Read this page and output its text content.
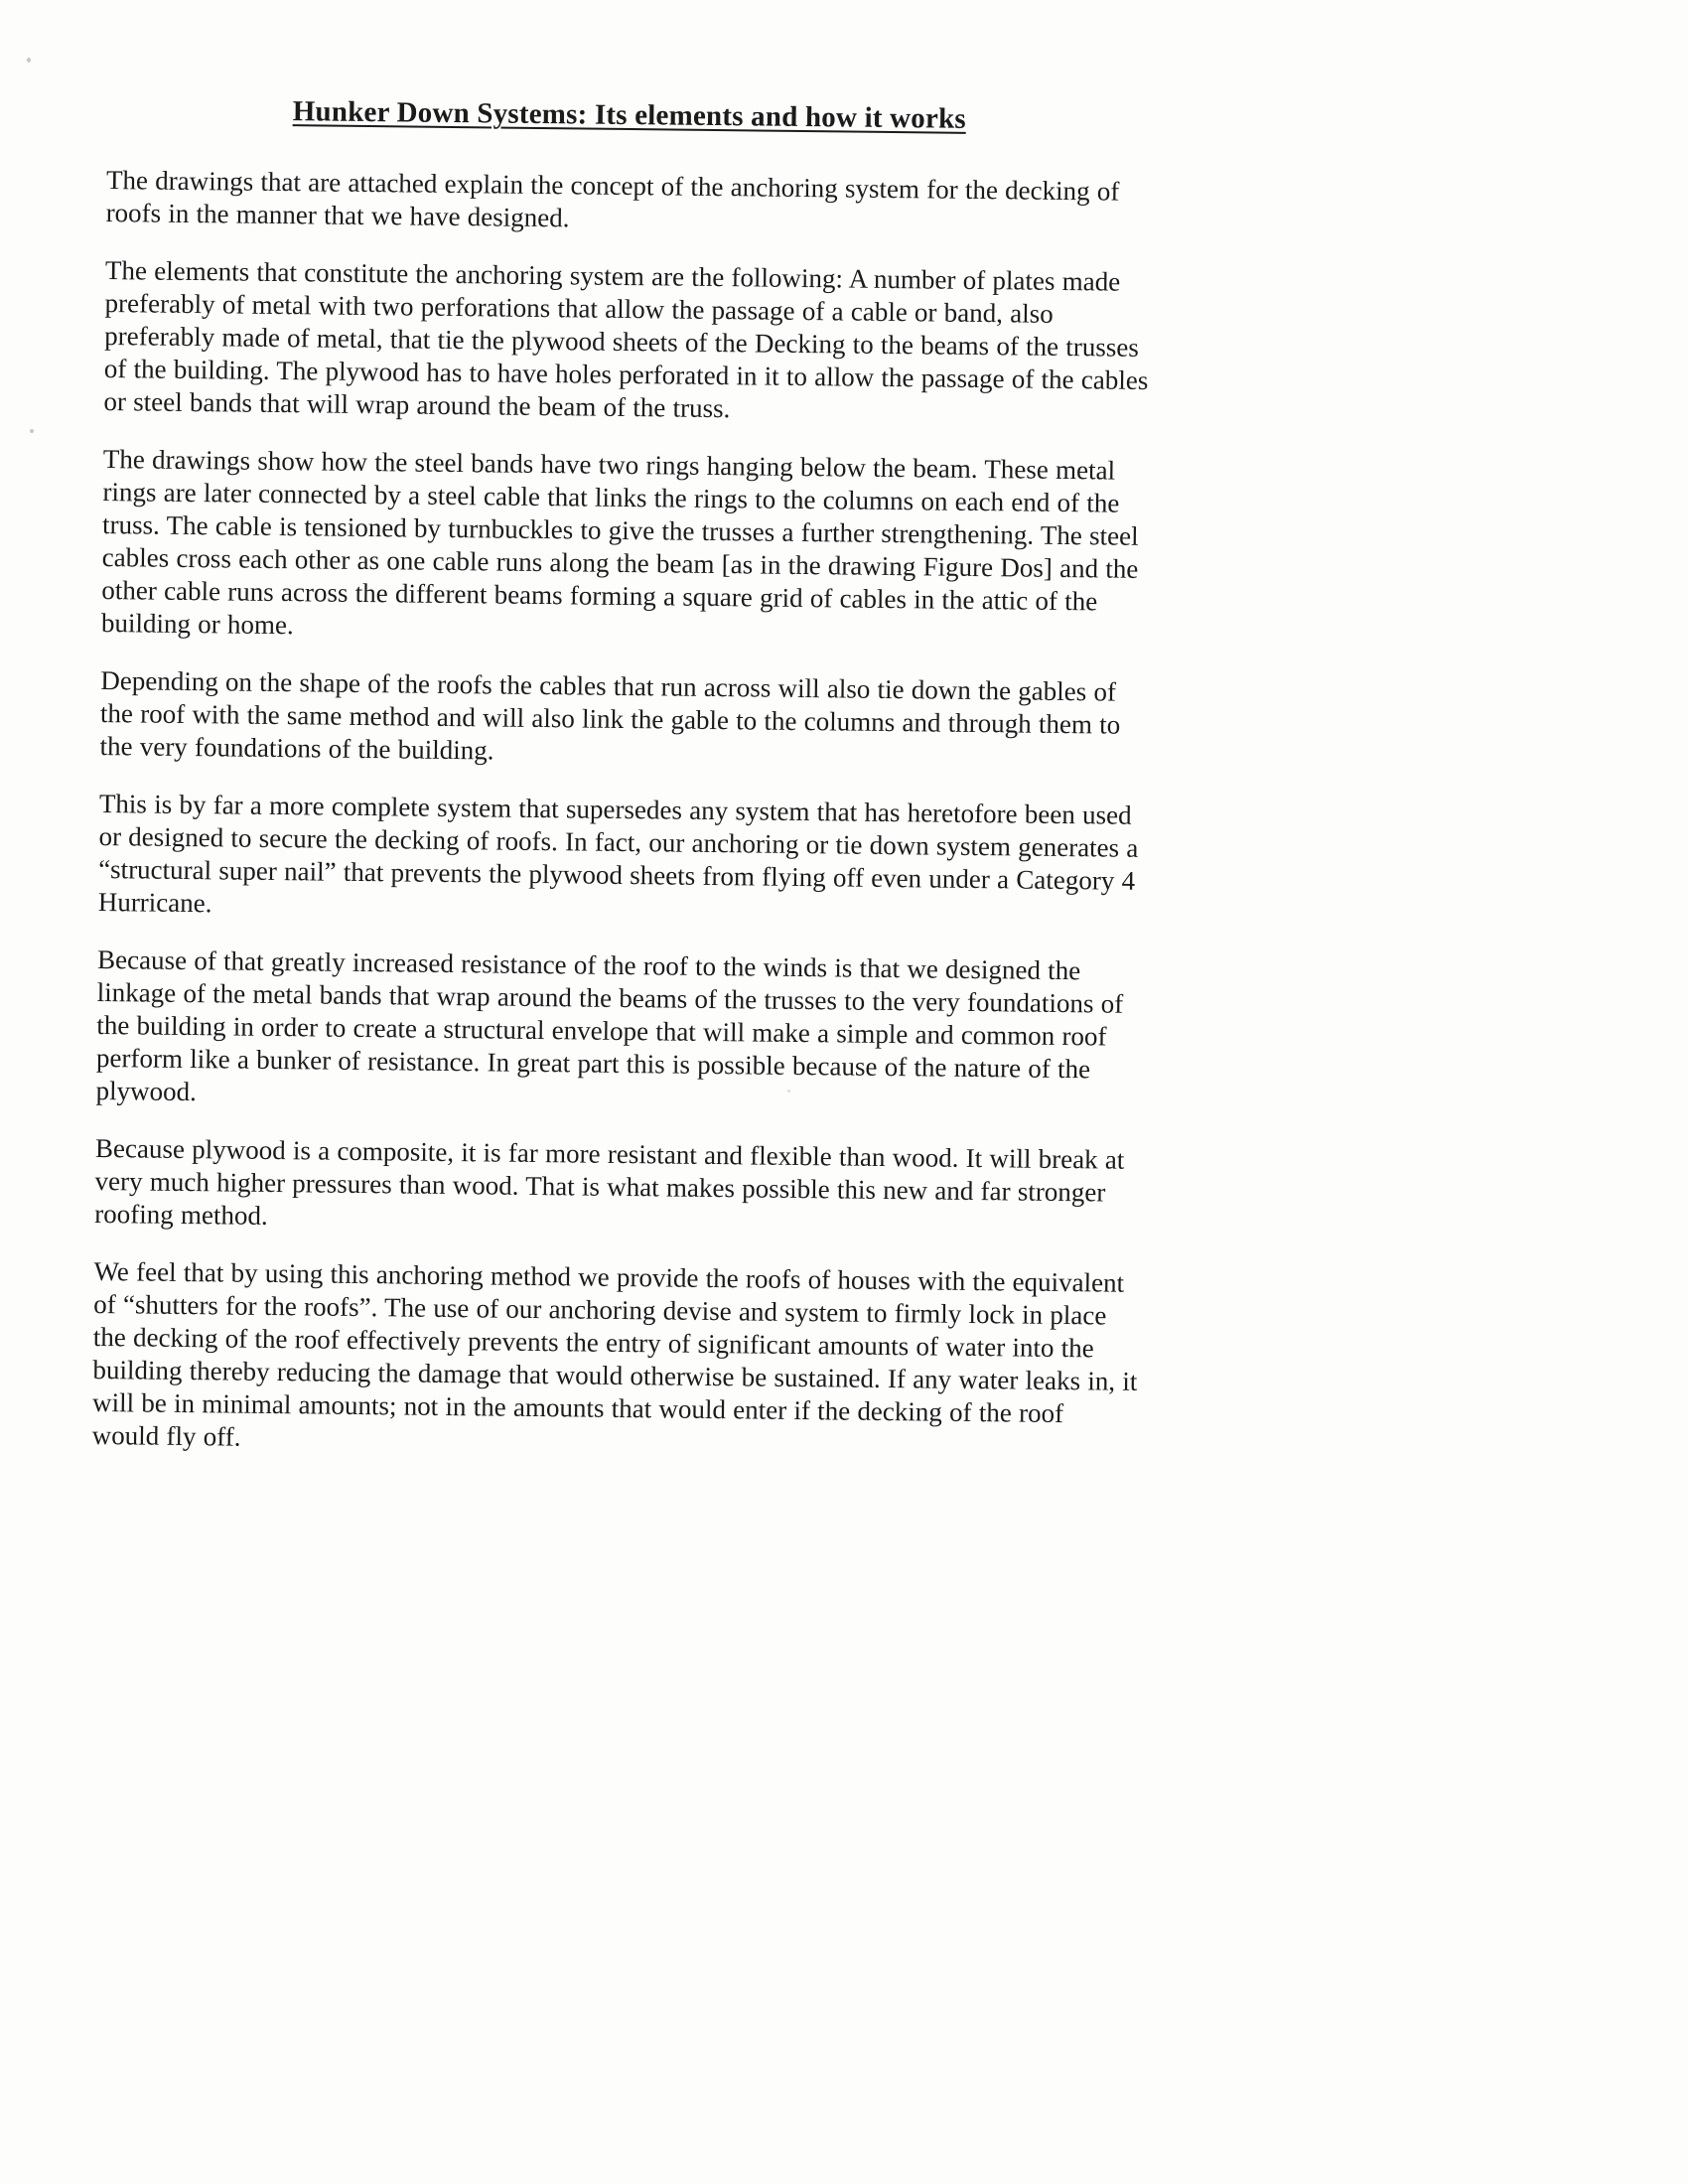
Hunker Down Systems: Its elements and how it works

The drawings that are attached explain the concept of the anchoring system for the decking of roofs in the manner that we have designed.

The elements that constitute the anchoring system are the following: A number of plates made preferably of metal with two perforations that allow the passage of a cable or band, also preferably made of metal, that tie the plywood sheets of the Decking to the beams of the trusses of the building. The plywood has to have holes perforated in it to allow the passage of the cables or steel bands that will wrap around the beam of the truss.

The drawings show how the steel bands have two rings hanging below the beam. These metal rings are later connected by a steel cable that links the rings to the columns on each end of the truss. The cable is tensioned by turnbuckles to give the trusses a further strengthening. The steel cables cross each other as one cable runs along the beam [as in the drawing Figure Dos] and the other cable runs across the different beams forming a square grid of cables in the attic of the building or home.

Depending on the shape of the roofs the cables that run across will also tie down the gables of the roof with the same method and will also link the gable to the columns and through them to the very foundations of the building.

This is by far a more complete system that supersedes any system that has heretofore been used or designed to secure the decking of roofs. In fact, our anchoring or tie down system generates a “structural super nail” that prevents the plywood sheets from flying off even under a Category 4 Hurricane.

Because of that greatly increased resistance of the roof to the winds is that we designed the linkage of the metal bands that wrap around the beams of the trusses to the very foundations of the building in order to create a structural envelope that will make a simple and common roof perform like a bunker of resistance. In great part this is possible because of the nature of the plywood.

Because plywood is a composite, it is far more resistant and flexible than wood. It will break at very much higher pressures than wood. That is what makes possible this new and far stronger roofing method.

We feel that by using this anchoring method we provide the roofs of houses with the equivalent of “shutters for the roofs”. The use of our anchoring devise and system to firmly lock in place the decking of the roof effectively prevents the entry of significant amounts of water into the building thereby reducing the damage that would otherwise be sustained. If any water leaks in, it will be in minimal amounts; not in the amounts that would enter if the decking of the roof would fly off.
